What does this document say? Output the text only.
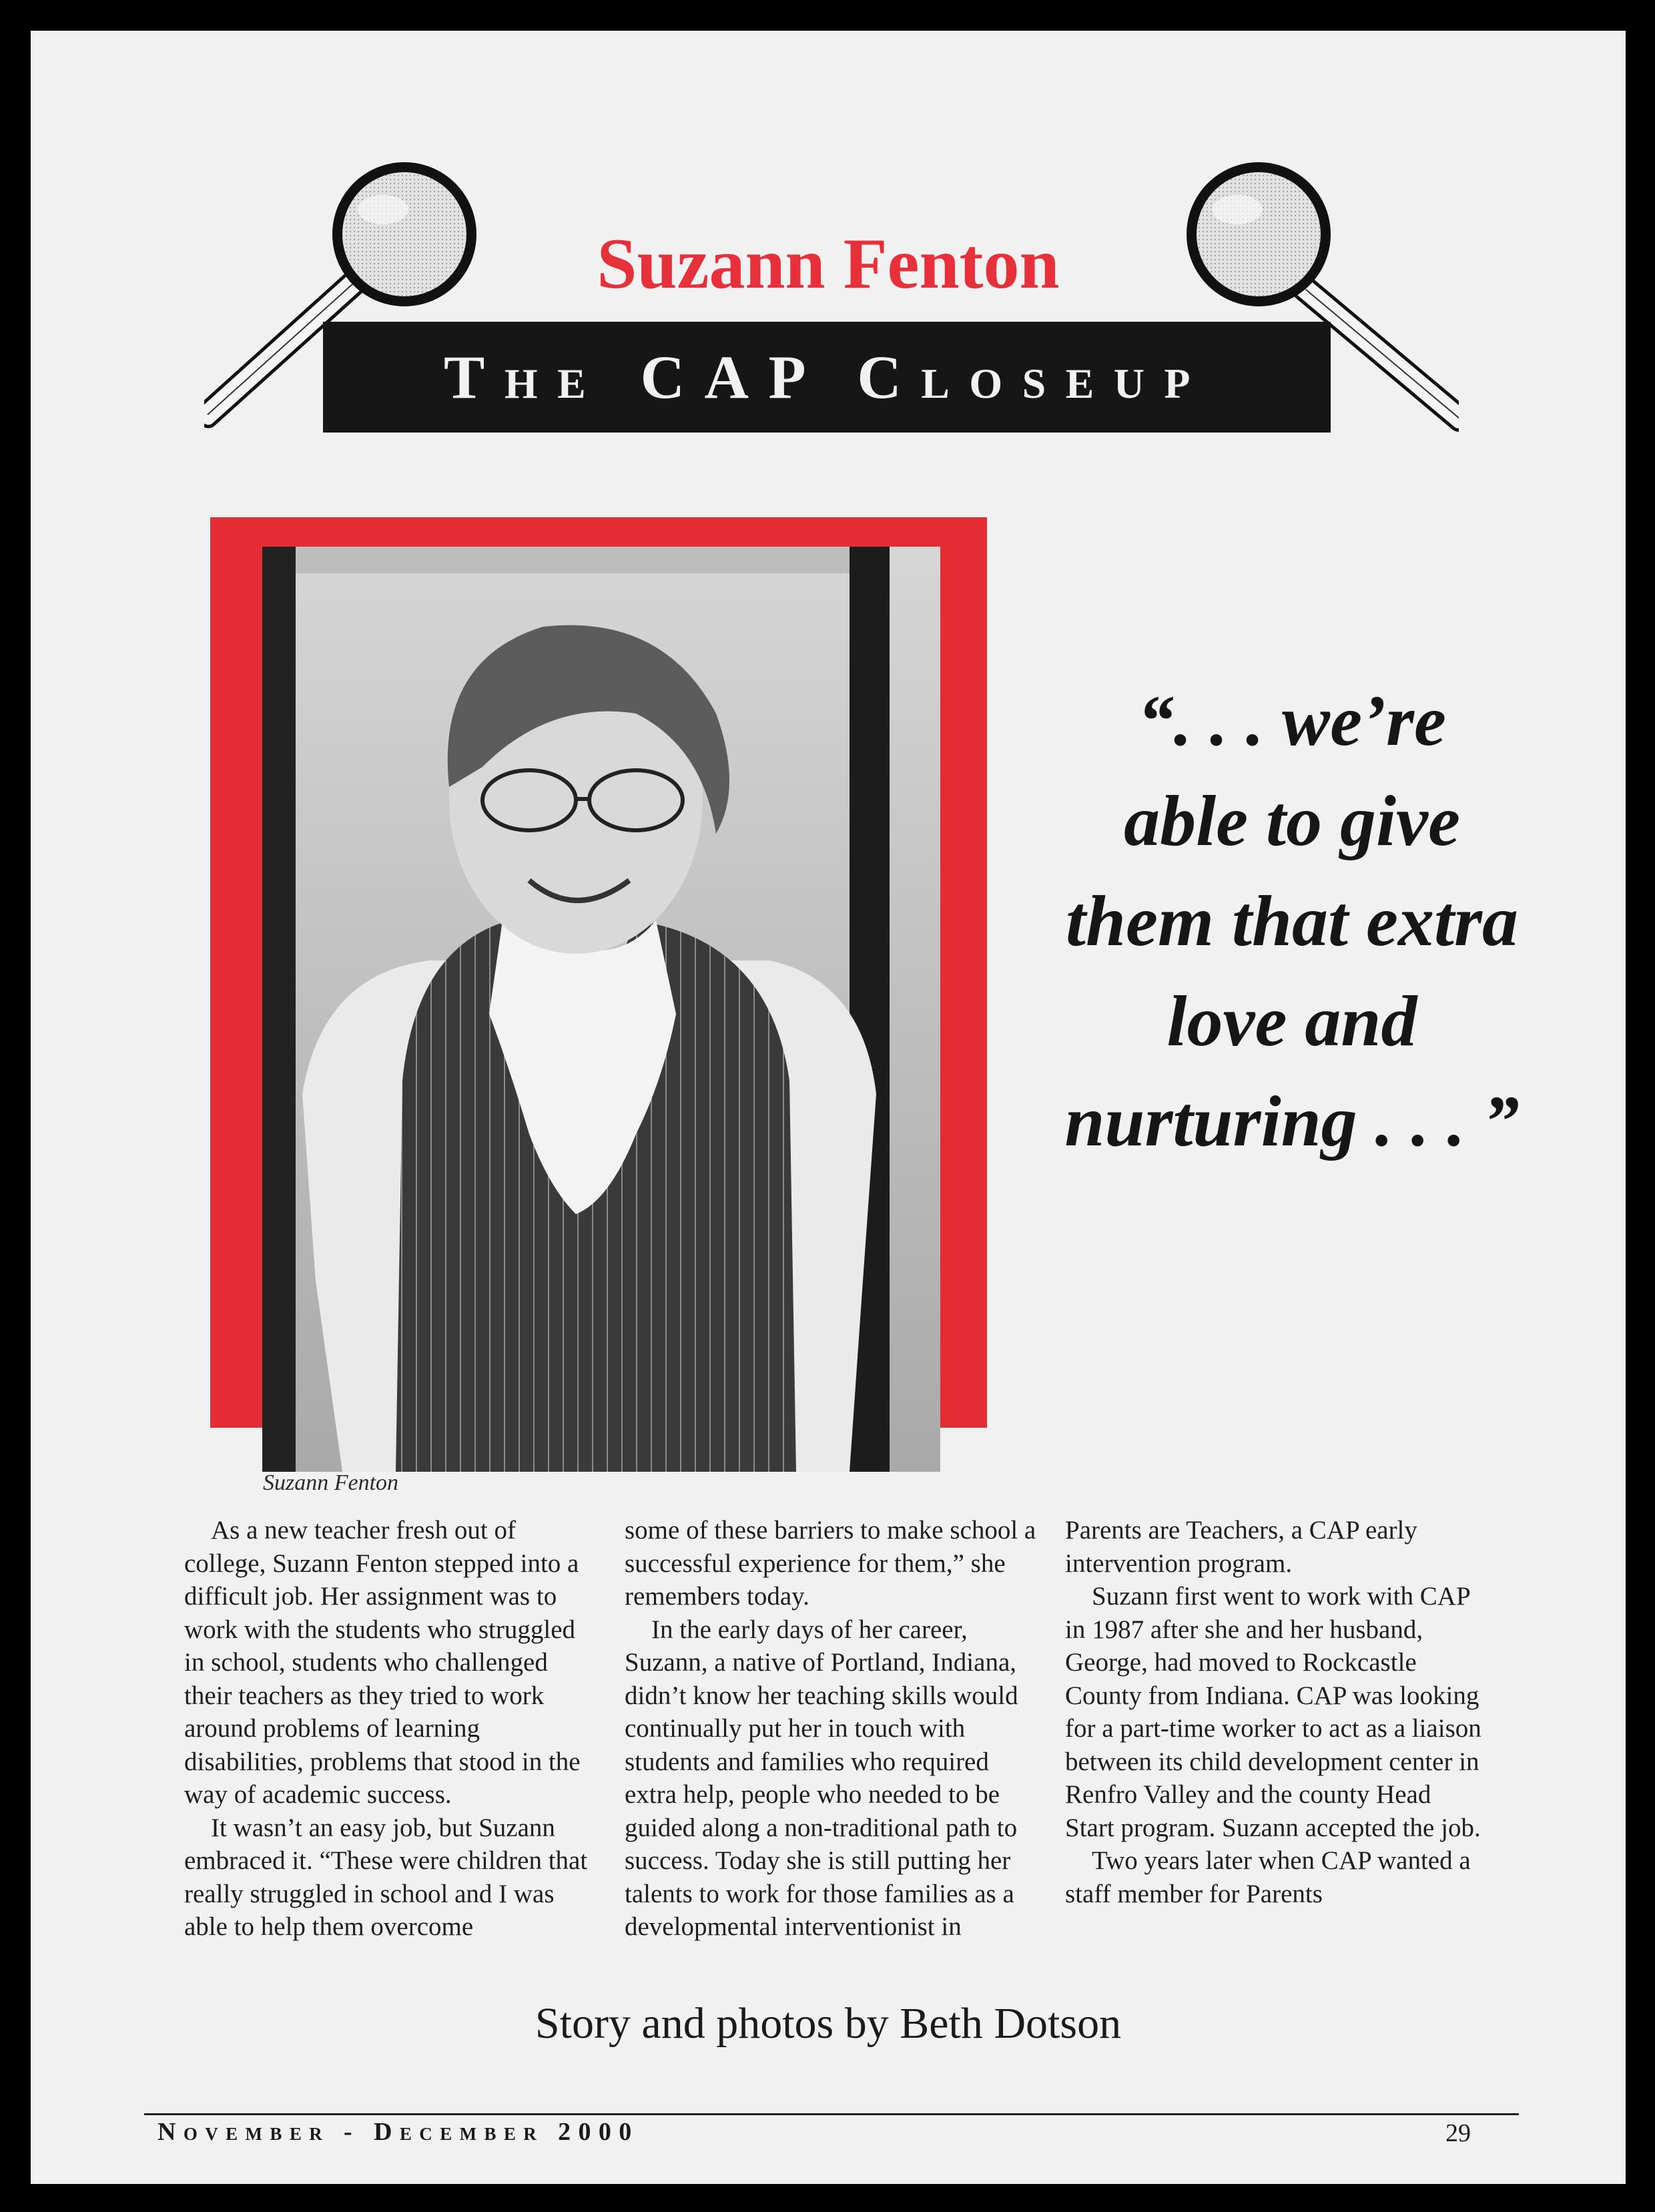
Suzann Fenton
The CAP Closeup
Suzann Fenton
“. . . we’re
able to give
them that extra
love and
nurturing . . . ”

As a new teacher fresh out of college, Suzann Fenton stepped into a difficult job. Her assignment was to work with the students who struggled in school, students who challenged their teachers as they tried to work around problems of learning disabilities, problems that stood in the way of academic success.

It wasn’t an easy job, but Suzann embraced it. “These were children that really struggled in school and I was able to help them overcome

some of these barriers to make school a successful experience for them,” she remembers today.

In the early days of her career, Suzann, a native of Portland, Indiana, didn’t know her teaching skills would continually put her in touch with students and families who required extra help, people who needed to be guided along a non-traditional path to success. Today she is still putting her talents to work for those families as a developmental interventionist in

Parents are Teachers, a CAP early intervention program.

Suzann first went to work with CAP in 1987 after she and her husband, George, had moved to Rockcastle County from Indiana. CAP was looking for a part-time worker to act as a liaison between its child development center in Renfro Valley and the county Head Start program. Suzann accepted the job.

Two years later when CAP wanted a staff member for Parents

Story and photos by Beth Dotson
November - December 2000	29
